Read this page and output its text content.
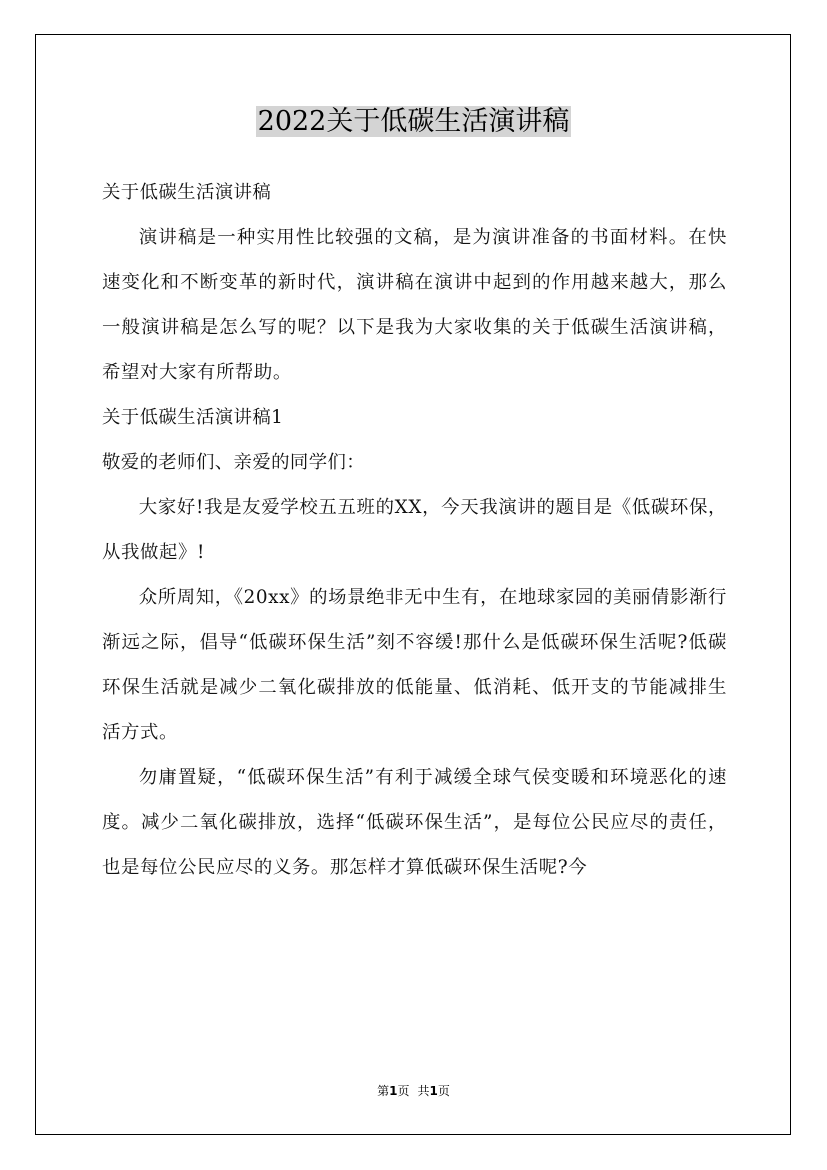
2022关于低碳生活演讲稿

关于低碳生活演讲稿

演讲稿是一种实用性比较强的文稿，是为演讲准备的书面材料。在快速变化和不断变革的新时代，演讲稿在演讲中起到的作用越来越大，那么一般演讲稿是怎么写的呢？以下是我为大家收集的关于低碳生活演讲稿，希望对大家有所帮助。

关于低碳生活演讲稿1

敬爱的老师们、亲爱的同学们：

大家好!我是友爱学校五五班的XX，今天我演讲的题目是《低碳环保，从我做起》!

众所周知，《20xx》的场景绝非无中生有，在地球家园的美丽倩影渐行渐远之际，倡导“低碳环保生活”刻不容缓!那什么是低碳环保生活呢?低碳环保生活就是减少二氧化碳排放的低能量、低消耗、低开支的节能减排生活方式。

勿庸置疑，“低碳环保生活”有利于减缓全球气侯变暖和环境恶化的速度。减少二氧化碳排放，选择“低碳环保生活”，是每位公民应尽的责任，也是每位公民应尽的义务。那怎样才算低碳环保生活呢?今

第1页 共1页
